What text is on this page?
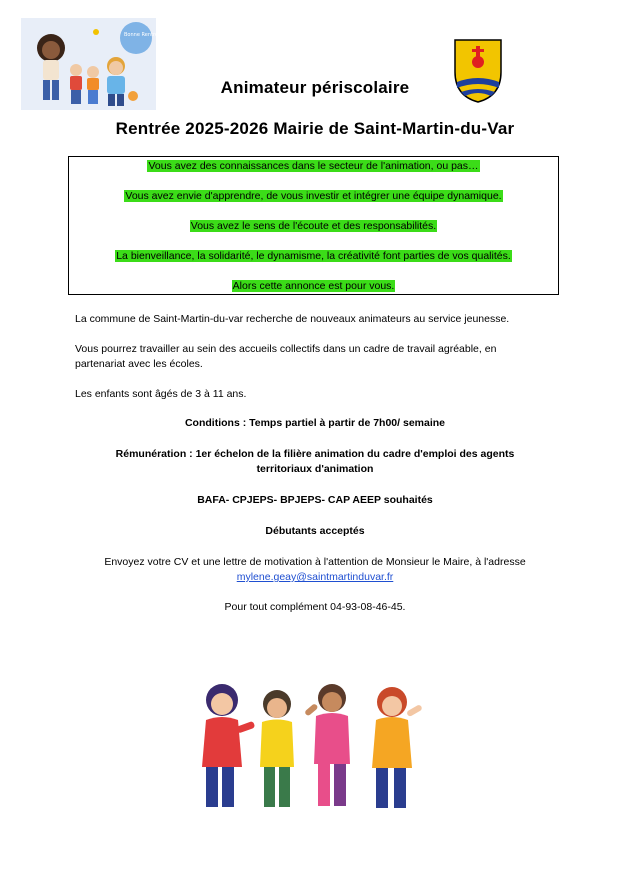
Bonne Rentrée
Animateur périscolaire
Rentrée 2025-2026 Mairie de Saint-Martin-du-Var
Vous avez des connaissances dans le secteur de l'animation, ou pas…
Vous avez envie d'apprendre, de vous investir et intégrer une équipe dynamique.
Vous avez le sens de l'écoute et des responsabilités.
La bienveillance, la solidarité, le dynamisme, la créativité font parties de vos qualités.
Alors cette annonce est pour vous.
La commune de Saint-Martin-du-var recherche de nouveaux animateurs au service jeunesse.
Vous pourrez travailler au sein des accueils collectifs dans un cadre de travail agréable, en
partenariat avec les écoles.
Les enfants sont âgés de 3 à 11 ans.
Conditions : Temps partiel à partir de 7h00/ semaine
Rémunération : 1er échelon de la filière animation du cadre d'emploi des agents
territoriaux d'animation
BAFA- CPJEPS- BPJEPS- CAP AEEP souhaités
Débutants acceptés
Envoyez votre CV et une lettre de motivation à l'attention de Monsieur le Maire, à l'adresse
mylene.geay@saintmartinduvar.fr
Pour tout complément 04-93-08-46-45.
